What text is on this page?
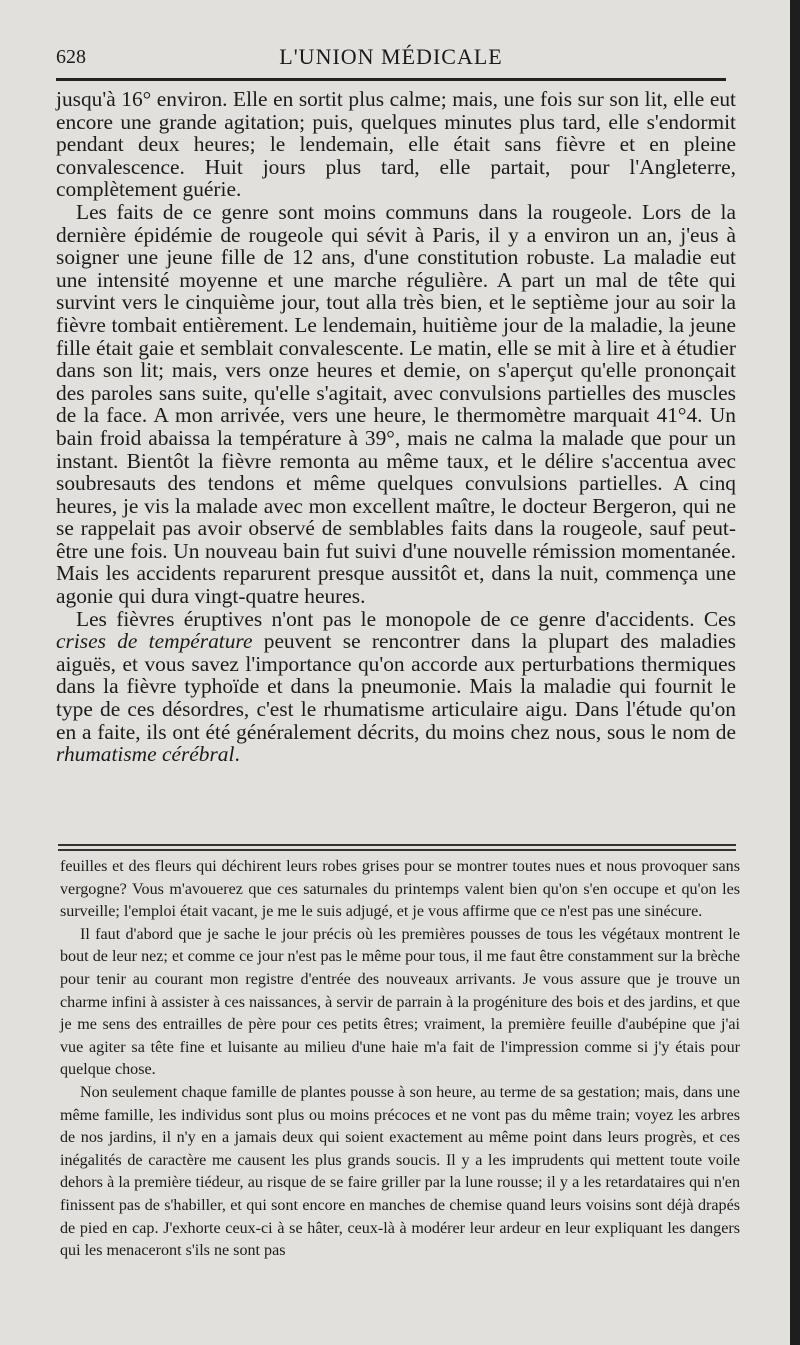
628	L'UNION MÉDICALE

jusqu'à 16° environ. Elle en sortit plus calme; mais, une fois sur son lit, elle eut encore une grande agitation; puis, quelques minutes plus tard, elle s'endormit pendant deux heures; le lendemain, elle était sans fièvre et en pleine convalescence. Huit jours plus tard, elle partait, pour l'Angleterre, complètement guérie.

Les faits de ce genre sont moins communs dans la rougeole. Lors de la dernière épidémie de rougeole qui sévit à Paris, il y a environ un an, j'eus à soigner une jeune fille de 12 ans, d'une constitution robuste. La maladie eut une intensité moyenne et une marche régulière. A part un mal de tête qui survint vers le cinquième jour, tout alla très bien, et le septième jour au soir la fièvre tombait entièrement. Le lendemain, huitième jour de la maladie, la jeune fille était gaie et semblait convalescente. Le matin, elle se mit à lire et à étudier dans son lit; mais, vers onze heures et demie, on s'aperçut qu'elle prononçait des paroles sans suite, qu'elle s'agitait, avec convulsions partielles des muscles de la face. A mon arrivée, vers une heure, le thermomètre marquait 41°4. Un bain froid abaissa la température à 39°, mais ne calma la malade que pour un instant. Bientôt la fièvre remonta au même taux, et le délire s'accentua avec soubresauts des tendons et même quelques convulsions partielles. A cinq heures, je vis la malade avec mon excellent maître, le docteur Bergeron, qui ne se rappelait pas avoir observé de semblables faits dans la rougeole, sauf peut-être une fois. Un nouveau bain fut suivi d'une nouvelle rémission momentanée. Mais les accidents reparurent presque aussitôt et, dans la nuit, commença une agonie qui dura vingt-quatre heures.

Les fièvres éruptives n'ont pas le monopole de ce genre d'accidents. Ces crises de température peuvent se rencontrer dans la plupart des maladies aiguës, et vous savez l'importance qu'on accorde aux perturbations thermiques dans la fièvre typhoïde et dans la pneumonie. Mais la maladie qui fournit le type de ces désordres, c'est le rhumatisme articulaire aigu. Dans l'étude qu'on en a faite, ils ont été généralement décrits, du moins chez nous, sous le nom de rhumatisme cérébral.

feuilles et des fleurs qui déchirent leurs robes grises pour se montrer toutes nues et nous provoquer sans vergogne? Vous m'avouerez que ces saturnales du printemps valent bien qu'on s'en occupe et qu'on les surveille; l'emploi était vacant, je me le suis adjugé, et je vous affirme que ce n'est pas une sinécure.

Il faut d'abord que je sache le jour précis où les premières pousses de tous les végétaux montrent le bout de leur nez; et comme ce jour n'est pas le même pour tous, il me faut être constamment sur la brèche pour tenir au courant mon registre d'entrée des nouveaux arrivants. Je vous assure que je trouve un charme infini à assister à ces naissances, à servir de parrain à la progéniture des bois et des jardins, et que je me sens des entrailles de père pour ces petits êtres; vraiment, la première feuille d'aubépine que j'ai vue agiter sa tête fine et luisante au milieu d'une haie m'a fait de l'impression comme si j'y étais pour quelque chose.

Non seulement chaque famille de plantes pousse à son heure, au terme de sa gestation; mais, dans une même famille, les individus sont plus ou moins précoces et ne vont pas du même train; voyez les arbres de nos jardins, il n'y en a jamais deux qui soient exactement au même point dans leurs progrès, et ces inégalités de caractère me causent les plus grands soucis. Il y a les imprudents qui mettent toute voile dehors à la première tiédeur, au risque de se faire griller par la lune rousse; il y a les retardataires qui n'en finissent pas de s'habiller, et qui sont encore en manches de chemise quand leurs voisins sont déjà drapés de pied en cap. J'exhorte ceux-ci à se hâter, ceux-là à modérer leur ardeur en leur expliquant les dangers qui les menaceront s'ils ne sont pas
